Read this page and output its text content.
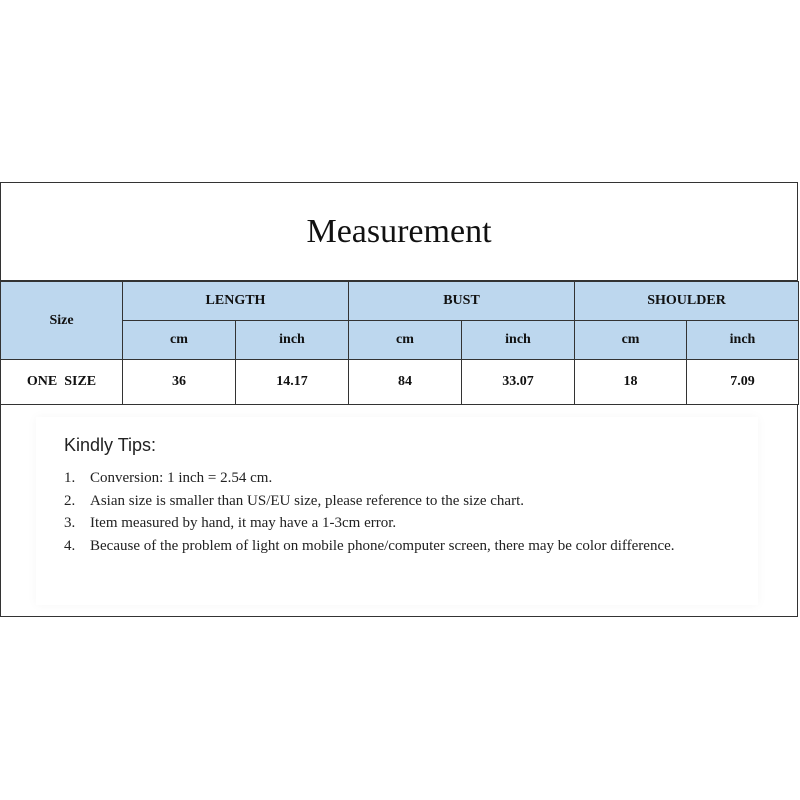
Measurement
Size	LENGTH		BUST		SHOULDER	
	cm	inch	cm	inch	cm	inch
ONE  SIZE	36	14.17	84	33.07	18	7.09
Kindly Tips:
1. Conversion: 1 inch = 2.54 cm.
2. Asian size is smaller than US/EU size, please reference to the size chart.
3. Item measured by hand, it may have a 1-3cm error.
4. Because of the problem of light on mobile phone/computer screen, there may be color difference.
